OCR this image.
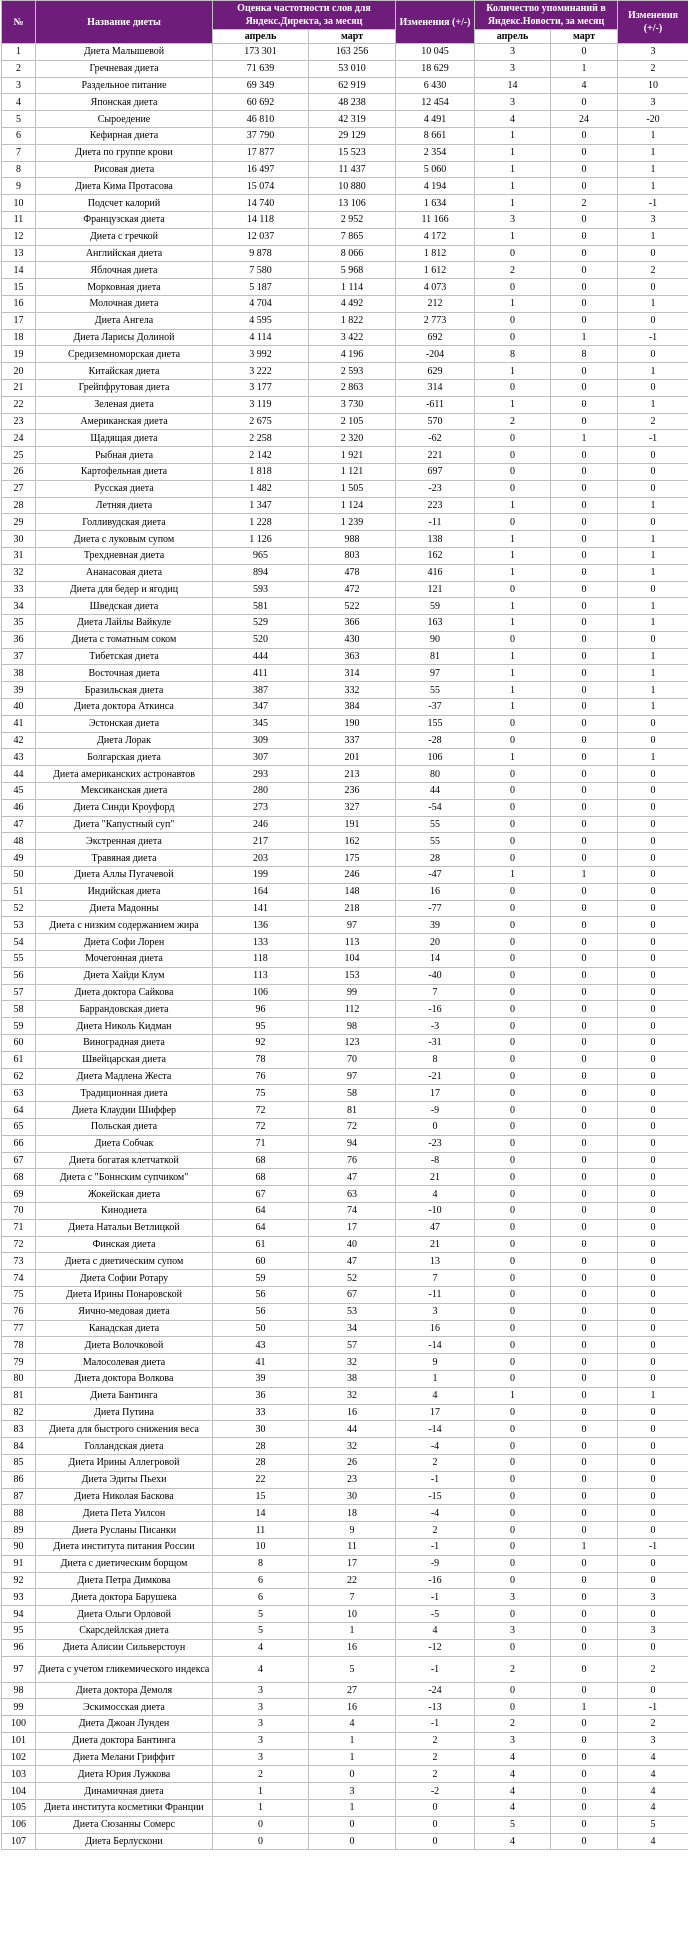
№	Название диеты	Оценка частотности слов для Яндекс.Директа, за месяц		Изменения (+/-)	Количество упоминаний в Яндекс.Новости, за месяц		Изменения (+/-)
		апрель	март		апрель	март	
1	Диета Малышевой	173 301	163 256	10 045	3	0	3
2	Гречневая диета	71 639	53 010	18 629	3	1	2
3	Раздельное питание	69 349	62 919	6 430	14	4	10
4	Японская диета	60 692	48 238	12 454	3	0	3
5	Сыроедение	46 810	42 319	4 491	4	24	-20
6	Кефирная диета	37 790	29 129	8 661	1	0	1
7	Диета по группе крови	17 877	15 523	2 354	1	0	1
8	Рисовая диета	16 497	11 437	5 060	1	0	1
9	Диета Кима Протасова	15 074	10 880	4 194	1	0	1
10	Подсчет калорий	14 740	13 106	1 634	1	2	-1
11	Французская диета	14 118	2 952	11 166	3	0	3
12	Диета с гречкой	12 037	7 865	4 172	1	0	1
13	Английская диета	9 878	8 066	1 812	0	0	0
14	Яблочная диета	7 580	5 968	1 612	2	0	2
15	Морковная диета	5 187	1 114	4 073	0	0	0
16	Молочная диета	4 704	4 492	212	1	0	1
17	Диета Ангела	4 595	1 822	2 773	0	0	0
18	Диета Ларисы Долиной	4 114	3 422	692	0	1	-1
19	Средиземноморская диета	3 992	4 196	-204	8	8	0
20	Китайская диета	3 222	2 593	629	1	0	1
21	Грейпфрутовая диета	3 177	2 863	314	0	0	0
22	Зеленая диета	3 119	3 730	-611	1	0	1
23	Американская диета	2 675	2 105	570	2	0	2
24	Щадящая диета	2 258	2 320	-62	0	1	-1
25	Рыбная диета	2 142	1 921	221	0	0	0
26	Картофельная диета	1 818	1 121	697	0	0	0
27	Русская диета	1 482	1 505	-23	0	0	0
28	Летняя диета	1 347	1 124	223	1	0	1
29	Голливудская диета	1 228	1 239	-11	0	0	0
30	Диета с луковым супом	1 126	988	138	1	0	1
31	Трехдневная диета	965	803	162	1	0	1
32	Ананасовая диета	894	478	416	1	0	1
33	Диета для бедер и ягодиц	593	472	121	0	0	0
34	Шведская диета	581	522	59	1	0	1
35	Диета Лайлы Вайкуле	529	366	163	1	0	1
36	Диета с томатным соком	520	430	90	0	0	0
37	Тибетская диета	444	363	81	1	0	1
38	Восточная диета	411	314	97	1	0	1
39	Бразильская диета	387	332	55	1	0	1
40	Диета доктора Аткинса	347	384	-37	1	0	1
41	Эстонская диета	345	190	155	0	0	0
42	Диета Лорак	309	337	-28	0	0	0
43	Болгарская диета	307	201	106	1	0	1
44	Диета американских астронавтов	293	213	80	0	0	0
45	Мексиканская диета	280	236	44	0	0	0
46	Диета Синди Кроуфорд	273	327	-54	0	0	0
47	Диета "Капустный суп"	246	191	55	0	0	0
48	Экстренная диета	217	162	55	0	0	0
49	Травяная диета	203	175	28	0	0	0
50	Диета Аллы Пугачевой	199	246	-47	1	1	0
51	Индийская диета	164	148	16	0	0	0
52	Диета Мадонны	141	218	-77	0	0	0
53	Диета с низким содержанием жира	136	97	39	0	0	0
54	Диета Софи Лорен	133	113	20	0	0	0
55	Мочегонная диета	118	104	14	0	0	0
56	Диета Хайди Клум	113	153	-40	0	0	0
57	Диета доктора Сайкова	106	99	7	0	0	0
58	Баррандовская диета	96	112	-16	0	0	0
59	Диета Николь Кидман	95	98	-3	0	0	0
60	Виноградная диета	92	123	-31	0	0	0
61	Швейцарская диета	78	70	8	0	0	0
62	Диета Мадлена Жеста	76	97	-21	0	0	0
63	Традиционная диета	75	58	17	0	0	0
64	Диета Клаудии Шиффер	72	81	-9	0	0	0
65	Польская диета	72	72	0	0	0	0
66	Диета Собчак	71	94	-23	0	0	0
67	Диета богатая клетчаткой	68	76	-8	0	0	0
68	Диета с "Боннским супчиком"	68	47	21	0	0	0
69	Жокейская диета	67	63	4	0	0	0
70	Кинодиета	64	74	-10	0	0	0
71	Диета Натальи Ветлицкой	64	17	47	0	0	0
72	Финская диета	61	40	21	0	0	0
73	Диета с диетическим супом	60	47	13	0	0	0
74	Диета Софии Ротару	59	52	7	0	0	0
75	Диета Ирины Понаровской	56	67	-11	0	0	0
76	Яично-медовая диета	56	53	3	0	0	0
77	Канадская диета	50	34	16	0	0	0
78	Диета Волочковой	43	57	-14	0	0	0
79	Малосолевая диета	41	32	9	0	0	0
80	Диета доктора Волкова	39	38	1	0	0	0
81	Диета Бантинга	36	32	4	1	0	1
82	Диета Путина	33	16	17	0	0	0
83	Диета для быстрого снижения веса	30	44	-14	0	0	0
84	Голландская диета	28	32	-4	0	0	0
85	Диета Ирины Аллегровой	28	26	2	0	0	0
86	Диета Эдиты Пьехи	22	23	-1	0	0	0
87	Диета Николая Баскова	15	30	-15	0	0	0
88	Диета Пета Уилсон	14	18	-4	0	0	0
89	Диета Русланы Писанки	11	9	2	0	0	0
90	Диета института питания России	10	11	-1	0	1	-1
91	Диета с диетическим борщом	8	17	-9	0	0	0
92	Диета Петра Димкова	6	22	-16	0	0	0
93	Диета доктора Барушека	6	7	-1	3	0	3
94	Диета Ольги Орловой	5	10	-5	0	0	0
95	Скарсдейлская диета	5	1	4	3	0	3
96	Диета Алисии Сильверстоун	4	16	-12	0	0	0
97	Диета с учетом гликемического индекса	4	5	-1	2	0	2
98	Диета доктора Демоля	3	27	-24	0	0	0
99	Эскимосская диета	3	16	-13	0	1	-1
100	Диета Джоан Лунден	3	4	-1	2	0	2
101	Диета доктора Бантинга	3	1	2	3	0	3
102	Диета Мелани Гриффит	3	1	2	4	0	4
103	Диета Юрия Лужкова	2	0	2	4	0	4
104	Динамичная диета	1	3	-2	4	0	4
105	Диета института косметики Франции	1	1	0	4	0	4
106	Диета Сюзанны Сомерс	0	0	0	5	0	5
107	Диета Берлускони	0	0	0	4	0	4
